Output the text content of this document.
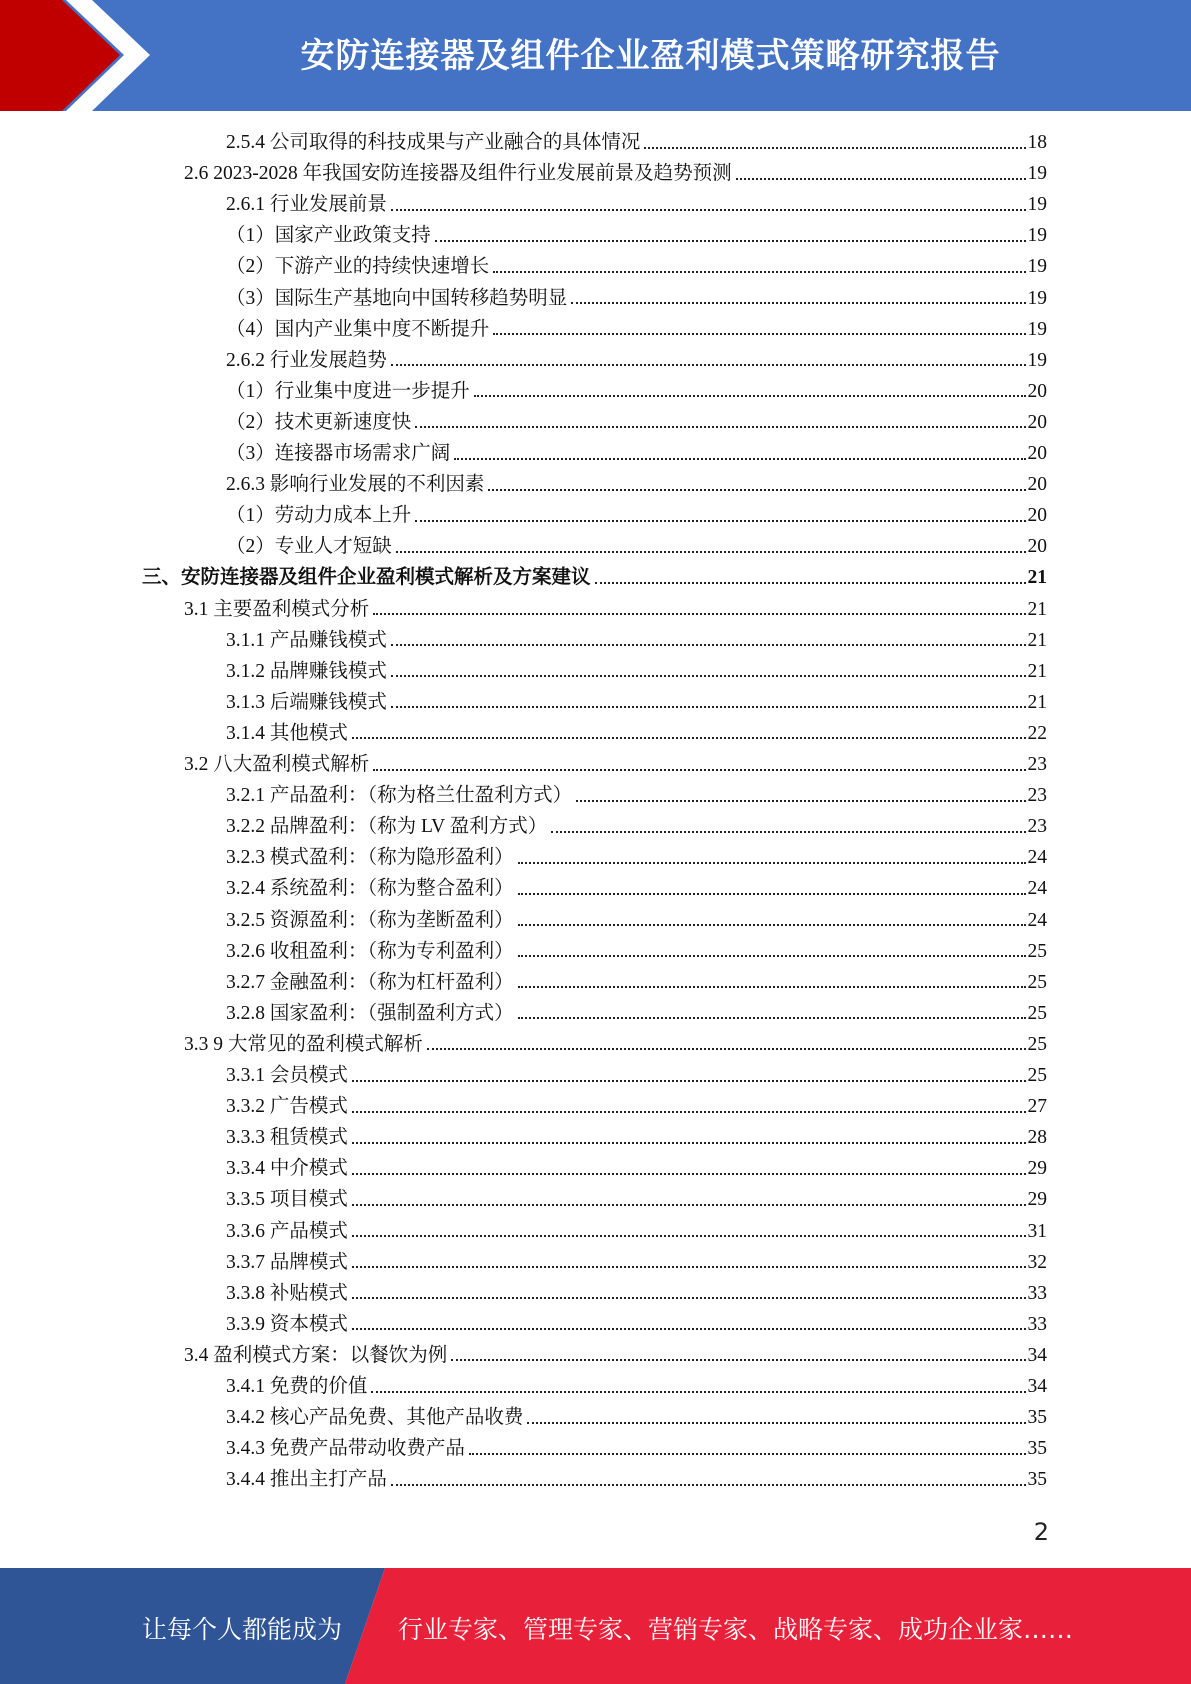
安防连接器及组件企业盈利模式策略研究报告
2.5.4 公司取得的科技成果与产业融合的具体情况	18
2.6 2023-2028 年我国安防连接器及组件行业发展前景及趋势预测	19
2.6.1 行业发展前景	19
（1）国家产业政策支持	19
（2）下游产业的持续快速增长	19
（3）国际生产基地向中国转移趋势明显	19
（4）国内产业集中度不断提升	19
2.6.2 行业发展趋势	19
（1）行业集中度进一步提升	20
（2）技术更新速度快	20
（3）连接器市场需求广阔	20
2.6.3 影响行业发展的不利因素	20
（1）劳动力成本上升	20
（2）专业人才短缺	20
三、安防连接器及组件企业盈利模式解析及方案建议	21
3.1 主要盈利模式分析	21
3.1.1 产品赚钱模式	21
3.1.2 品牌赚钱模式	21
3.1.3 后端赚钱模式	21
3.1.4 其他模式	22
3.2 八大盈利模式解析	23
3.2.1 产品盈利：（称为格兰仕盈利方式）	23
3.2.2 品牌盈利：（称为 LV 盈利方式）	23
3.2.3 模式盈利：（称为隐形盈利）	24
3.2.4 系统盈利：（称为整合盈利）	24
3.2.5 资源盈利：（称为垄断盈利）	24
3.2.6 收租盈利：（称为专利盈利）	25
3.2.7 金融盈利：（称为杠杆盈利）	25
3.2.8 国家盈利：（强制盈利方式）	25
3.3 9 大常见的盈利模式解析	25
3.3.1 会员模式	25
3.3.2 广告模式	27
3.3.3 租赁模式	28
3.3.4 中介模式	29
3.3.5 项目模式	29
3.3.6 产品模式	31
3.3.7 品牌模式	32
3.3.8 补贴模式	33
3.3.9 资本模式	33
3.4 盈利模式方案：以餐饮为例	34
3.4.1 免费的价值	34
3.4.2 核心产品免费、其他产品收费	35
3.4.3 免费产品带动收费产品	35
3.4.4 推出主打产品	35
2
让每个人都能成为 行业专家、管理专家、营销专家、战略专家、成功企业家……
